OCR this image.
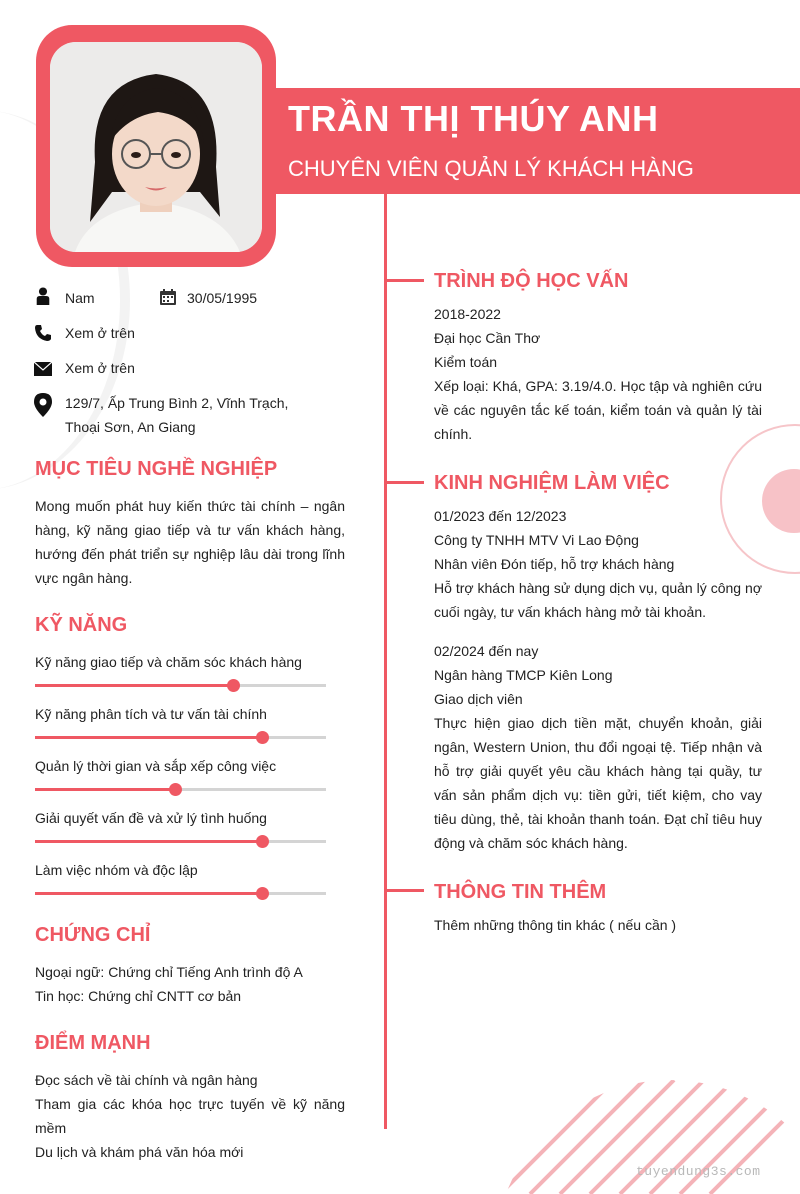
TRẦN THỊ THÚY ANH
CHUYÊN VIÊN QUẢN LÝ KHÁCH HÀNG
Nam	30/05/1995
Xem ở trên
Xem ở trên
129/7, Ấp Trung Bình 2, Vĩnh Trạch,
Thoại Sơn, An Giang
MỤC TIÊU NGHỀ NGHIỆP
Mong muốn phát huy kiến thức tài chính – ngân hàng, kỹ năng giao tiếp và tư vấn khách hàng, hướng đến phát triển sự nghiệp lâu dài trong lĩnh vực ngân hàng.
KỸ NĂNG
Kỹ năng giao tiếp và chăm sóc khách hàng
Kỹ năng phân tích và tư vấn tài chính
Quản lý thời gian và sắp xếp công việc
Giải quyết vấn đề và xử lý tình huống
Làm việc nhóm và độc lập
CHỨNG CHỈ
Ngoại ngữ: Chứng chỉ Tiếng Anh trình độ A
Tin học: Chứng chỉ CNTT cơ bản
ĐIỂM MẠNH
Đọc sách về tài chính và ngân hàng
Tham gia các khóa học trực tuyến về kỹ năng mềm
Du lịch và khám phá văn hóa mới
TRÌNH ĐỘ HỌC VẤN
2018-2022
Đại học Cần Thơ
Kiểm toán
Xếp loại: Khá, GPA: 3.19/4.0. Học tập và nghiên cứu về các nguyên tắc kế toán, kiểm toán và quản lý tài chính.
KINH NGHIỆM LÀM VIỆC
01/2023 đến 12/2023
Công ty TNHH MTV Vi Lao Động
Nhân viên Đón tiếp, hỗ trợ khách hàng
Hỗ trợ khách hàng sử dụng dịch vụ, quản lý công nợ cuối ngày, tư vấn khách hàng mở tài khoản.
02/2024 đến nay
Ngân hàng TMCP Kiên Long
Giao dịch viên
Thực hiện giao dịch tiền mặt, chuyển khoản, giải ngân, Western Union, thu đổi ngoại tệ. Tiếp nhận và hỗ trợ giải quyết yêu cầu khách hàng tại quầy, tư vấn sản phẩm dịch vụ: tiền gửi, tiết kiệm, cho vay tiêu dùng, thẻ, tài khoản thanh toán. Đạt chỉ tiêu huy động và chăm sóc khách hàng.
THÔNG TIN THÊM
Thêm những thông tin khác ( nếu cần )
tuyendung3s.com
